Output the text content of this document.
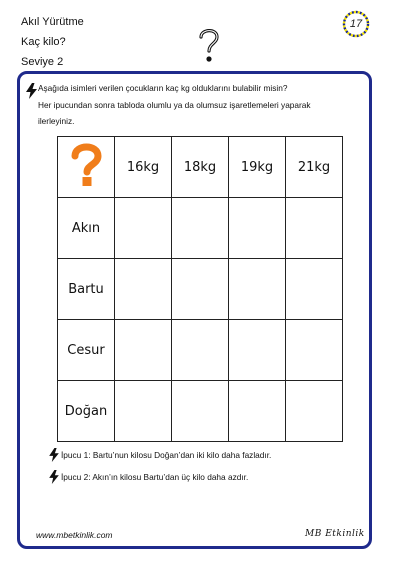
Akıl Yürütme
Kaç kilo?
Seviye 2
17
Aşağıda isimleri verilen çocukların kaç kg olduklarını bulabilir misin?
Her ipucundan sonra tabloda olumlu ya da olumsuz işaretlemeleri yaparak
ilerleyiniz.
	16kg	18kg	19kg	21kg
Akın				
Bartu				
Cesur				
Doğan				
İpucu 1: Bartu’nun kilosu Doğan’dan iki kilo daha fazladır.
İpucu 2: Akın’ın kilosu Bartu’dan üç kilo daha azdır.
www.mbetkinlik.com	MB Etkinlik
